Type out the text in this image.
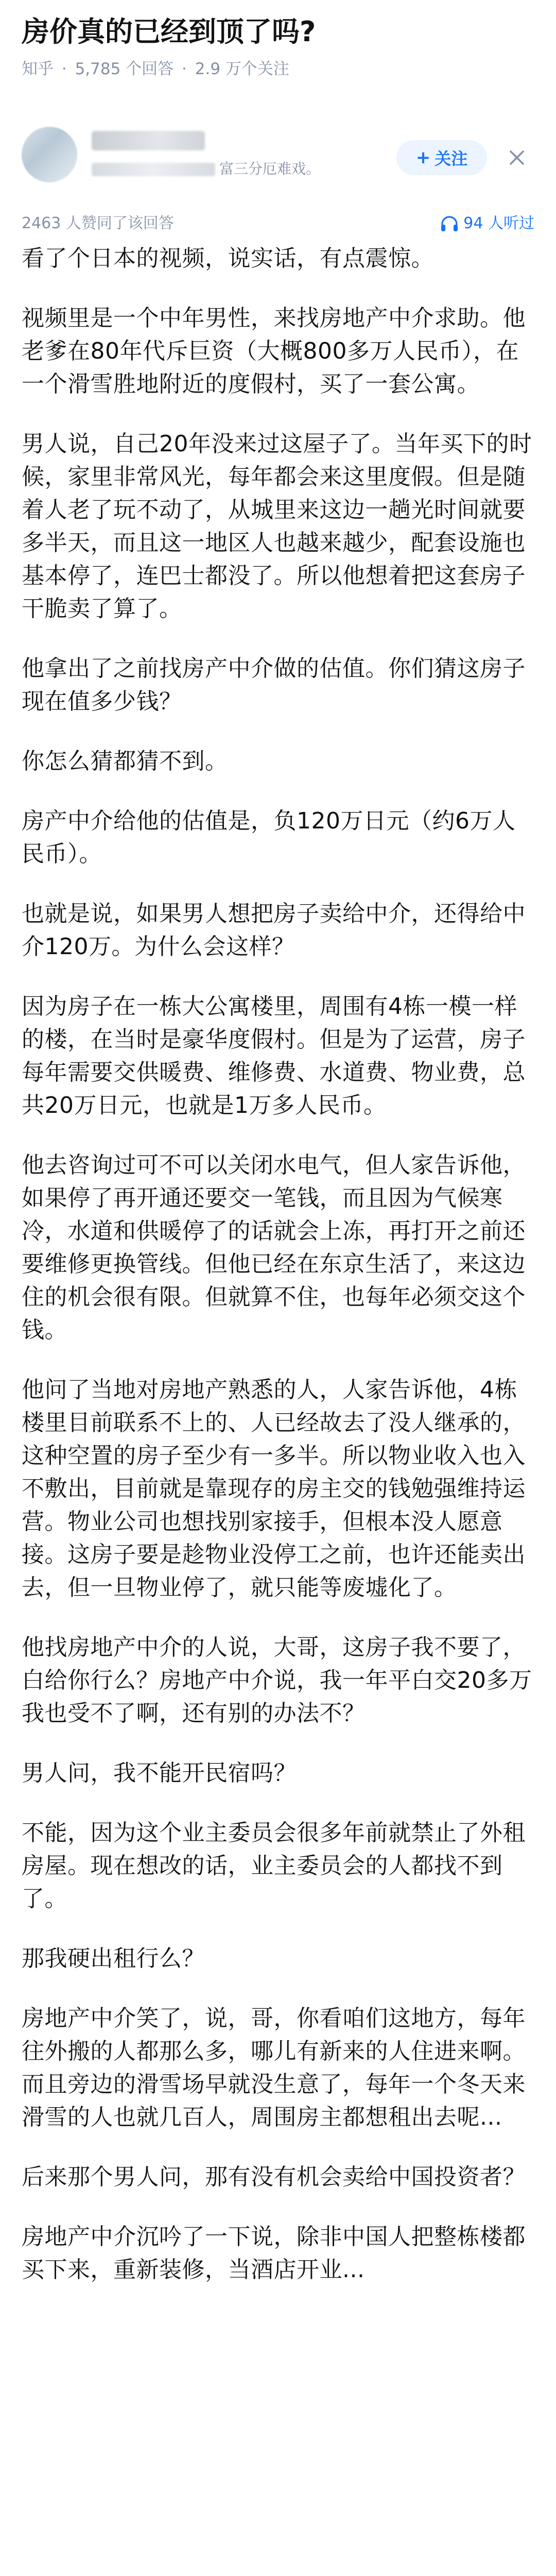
房价真的已经到顶了吗?
知乎 · 5,785 个回答 · 2.9 万个关注
富三分厄难戏。
+ 关注
2463 人赞同了该回答	94 人听过

看了个日本的视频，说实话，有点震惊。

视频里是一个中年男性，来找房地产中介求助。他老爹在80年代斥巨资（大概800多万人民币），在一个滑雪胜地附近的度假村，买了一套公寓。

男人说，自己20年没来过这屋子了。当年买下的时候，家里非常风光，每年都会来这里度假。但是随着人老了玩不动了，从城里来这边一趟光时间就要多半天，而且这一地区人也越来越少，配套设施也基本停了，连巴士都没了。所以他想着把这套房子干脆卖了算了。

他拿出了之前找房产中介做的估值。你们猜这房子现在值多少钱？

你怎么猜都猜不到。

房产中介给他的估值是，负120万日元（约6万人民币）。

也就是说，如果男人想把房子卖给中介，还得给中介120万。为什么会这样？

因为房子在一栋大公寓楼里，周围有4栋一模一样的楼，在当时是豪华度假村。但是为了运营，房子每年需要交供暖费、维修费、水道费、物业费，总共20万日元，也就是1万多人民币。

他去咨询过可不可以关闭水电气，但人家告诉他，如果停了再开通还要交一笔钱，而且因为气候寒冷，水道和供暖停了的话就会上冻，再打开之前还要维修更换管线。但他已经在东京生活了，来这边住的机会很有限。但就算不住，也每年必须交这个钱。

他问了当地对房地产熟悉的人，人家告诉他，4栋楼里目前联系不上的、人已经故去了没人继承的，这种空置的房子至少有一多半。所以物业收入也入不敷出，目前就是靠现存的房主交的钱勉强维持运营。物业公司也想找别家接手，但根本没人愿意接。这房子要是趁物业没停工之前，也许还能卖出去，但一旦物业停了，就只能等废墟化了。

他找房地产中介的人说，大哥，这房子我不要了，白给你行么？房地产中介说，我一年平白交20多万我也受不了啊，还有别的办法不？

男人问，我不能开民宿吗？

不能，因为这个业主委员会很多年前就禁止了外租房屋。现在想改的话，业主委员会的人都找不到了。

那我硬出租行么？

房地产中介笑了，说，哥，你看咱们这地方，每年往外搬的人都那么多，哪儿有新来的人住进来啊。而且旁边的滑雪场早就没生意了，每年一个冬天来滑雪的人也就几百人，周围房主都想租出去呢...

后来那个男人问，那有没有机会卖给中国投资者？

房地产中介沉吟了一下说，除非中国人把整栋楼都买下来，重新装修，当酒店开业...
